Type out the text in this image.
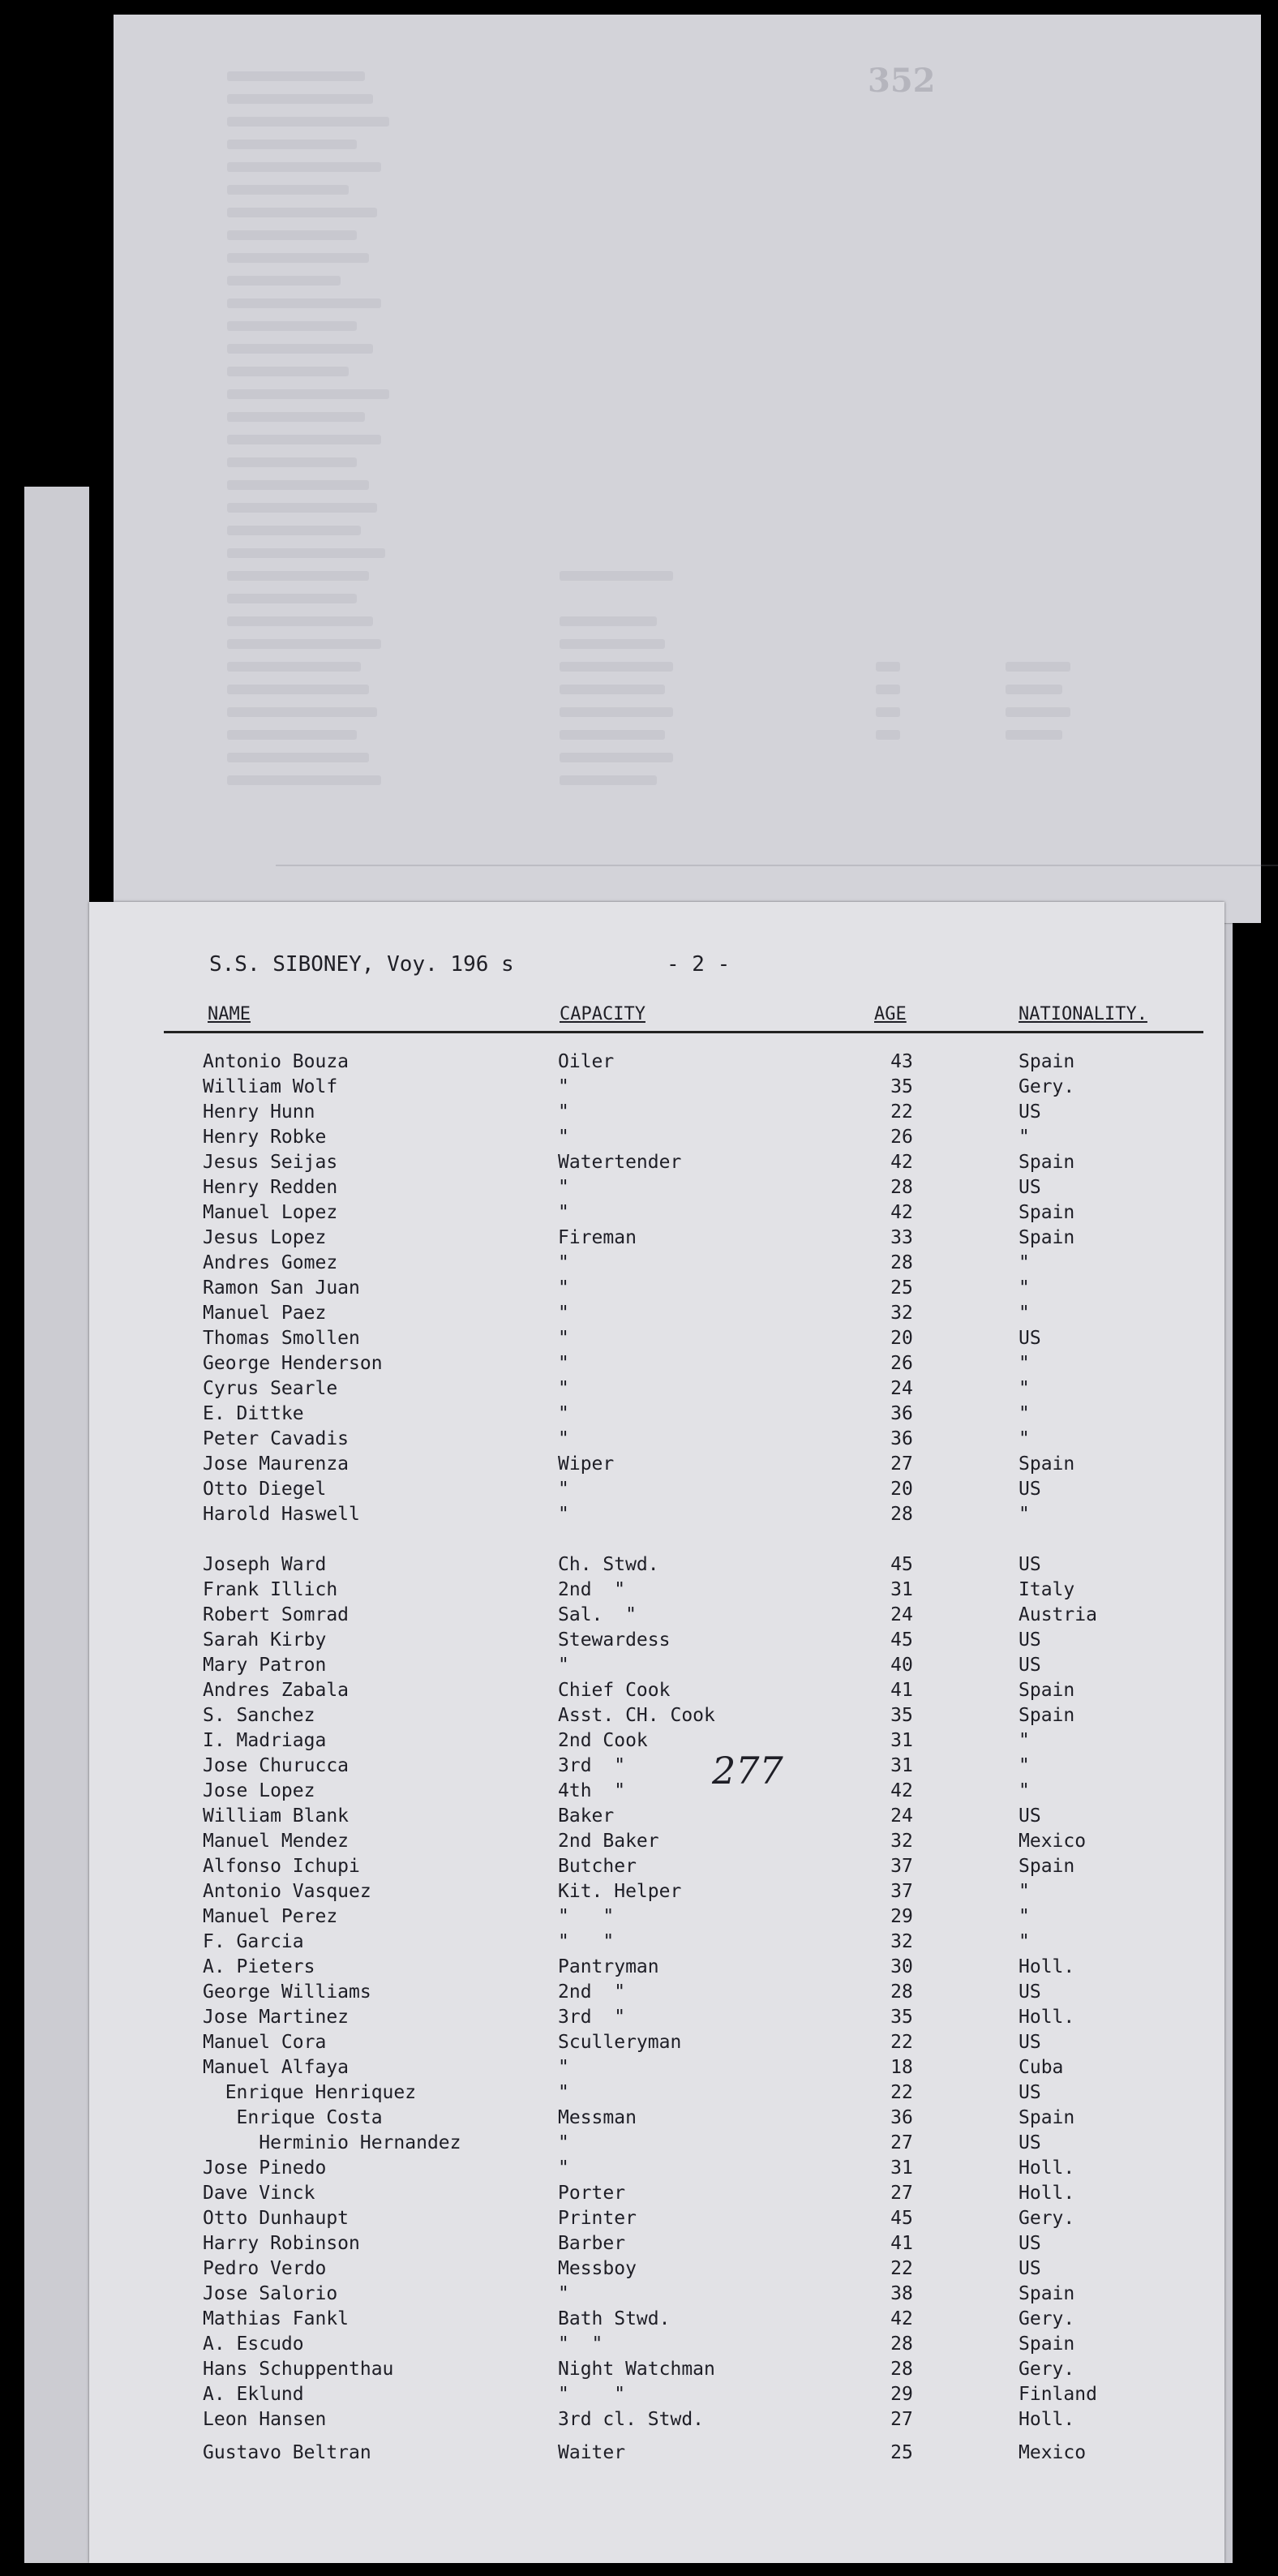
352
S.S. SIBONEY, Voy. 196 s	- 2 -
NAME	CAPACITY	AGE	NATIONALITY.
Antonio Bouza	Oiler	43	Spain
William Wolf	"	35	Gery.
Henry Hunn	"	22	US
Henry Robke	"	26	"
Jesus Seijas	Watertender	42	Spain
Henry Redden	"	28	US
Manuel Lopez	"	42	Spain
Jesus Lopez	Fireman	33	Spain
Andres Gomez	"	28	"
Ramon San Juan	"	25	"
Manuel Paez	"	32	"
Thomas Smollen	"	20	US
George Henderson	"	26	"
Cyrus Searle	"	24	"
E. Dittke	"	36	"
Peter Cavadis	"	36	"
Jose Maurenza	Wiper	27	Spain
Otto Diegel	"	20	US
Harold Haswell	"	28	"
Joseph Ward	Ch. Stwd.	45	US
Frank Illich	2nd  "	31	Italy
Robert Somrad	Sal.  "	24	Austria
Sarah Kirby	Stewardess	45	US
Mary Patron	"	40	US
Andres Zabala	Chief Cook	41	Spain
S. Sanchez	Asst. CH. Cook	35	Spain
I. Madriaga	2nd Cook	31	"
Jose Churucca	3rd  "	31	"
Jose Lopez	4th  "	42	"
William Blank	Baker	24	US
Manuel Mendez	2nd Baker	32	Mexico
Alfonso Ichupi	Butcher	37	Spain
Antonio Vasquez	Kit. Helper	37	"
Manuel Perez	"   "	29	"
F. Garcia	"   "	32	"
A. Pieters	Pantryman	30	Holl.
George Williams	2nd  "	28	US
Jose Martinez	3rd  "	35	Holl.
Manuel Cora	Sculleryman	22	US
Manuel Alfaya	"	18	Cuba
Enrique Henriquez	"	22	US
Enrique Costa	Messman	36	Spain
Herminio Hernandez	"	27	US
Jose Pinedo	"	31	Holl.
Dave Vinck	Porter	27	Holl.
Otto Dunhaupt	Printer	45	Gery.
Harry Robinson	Barber	41	US
Pedro Verdo	Messboy	22	US
Jose Salorio	"	38	Spain
Mathias Fankl	Bath Stwd.	42	Gery.
A. Escudo	"  "	28	Spain
Hans Schuppenthau	Night Watchman	28	Gery.
A. Eklund	"    "	29	Finland
Leon Hansen	3rd cl. Stwd.	27	Holl.
Gustavo Beltran	Waiter	25	Mexico
277
